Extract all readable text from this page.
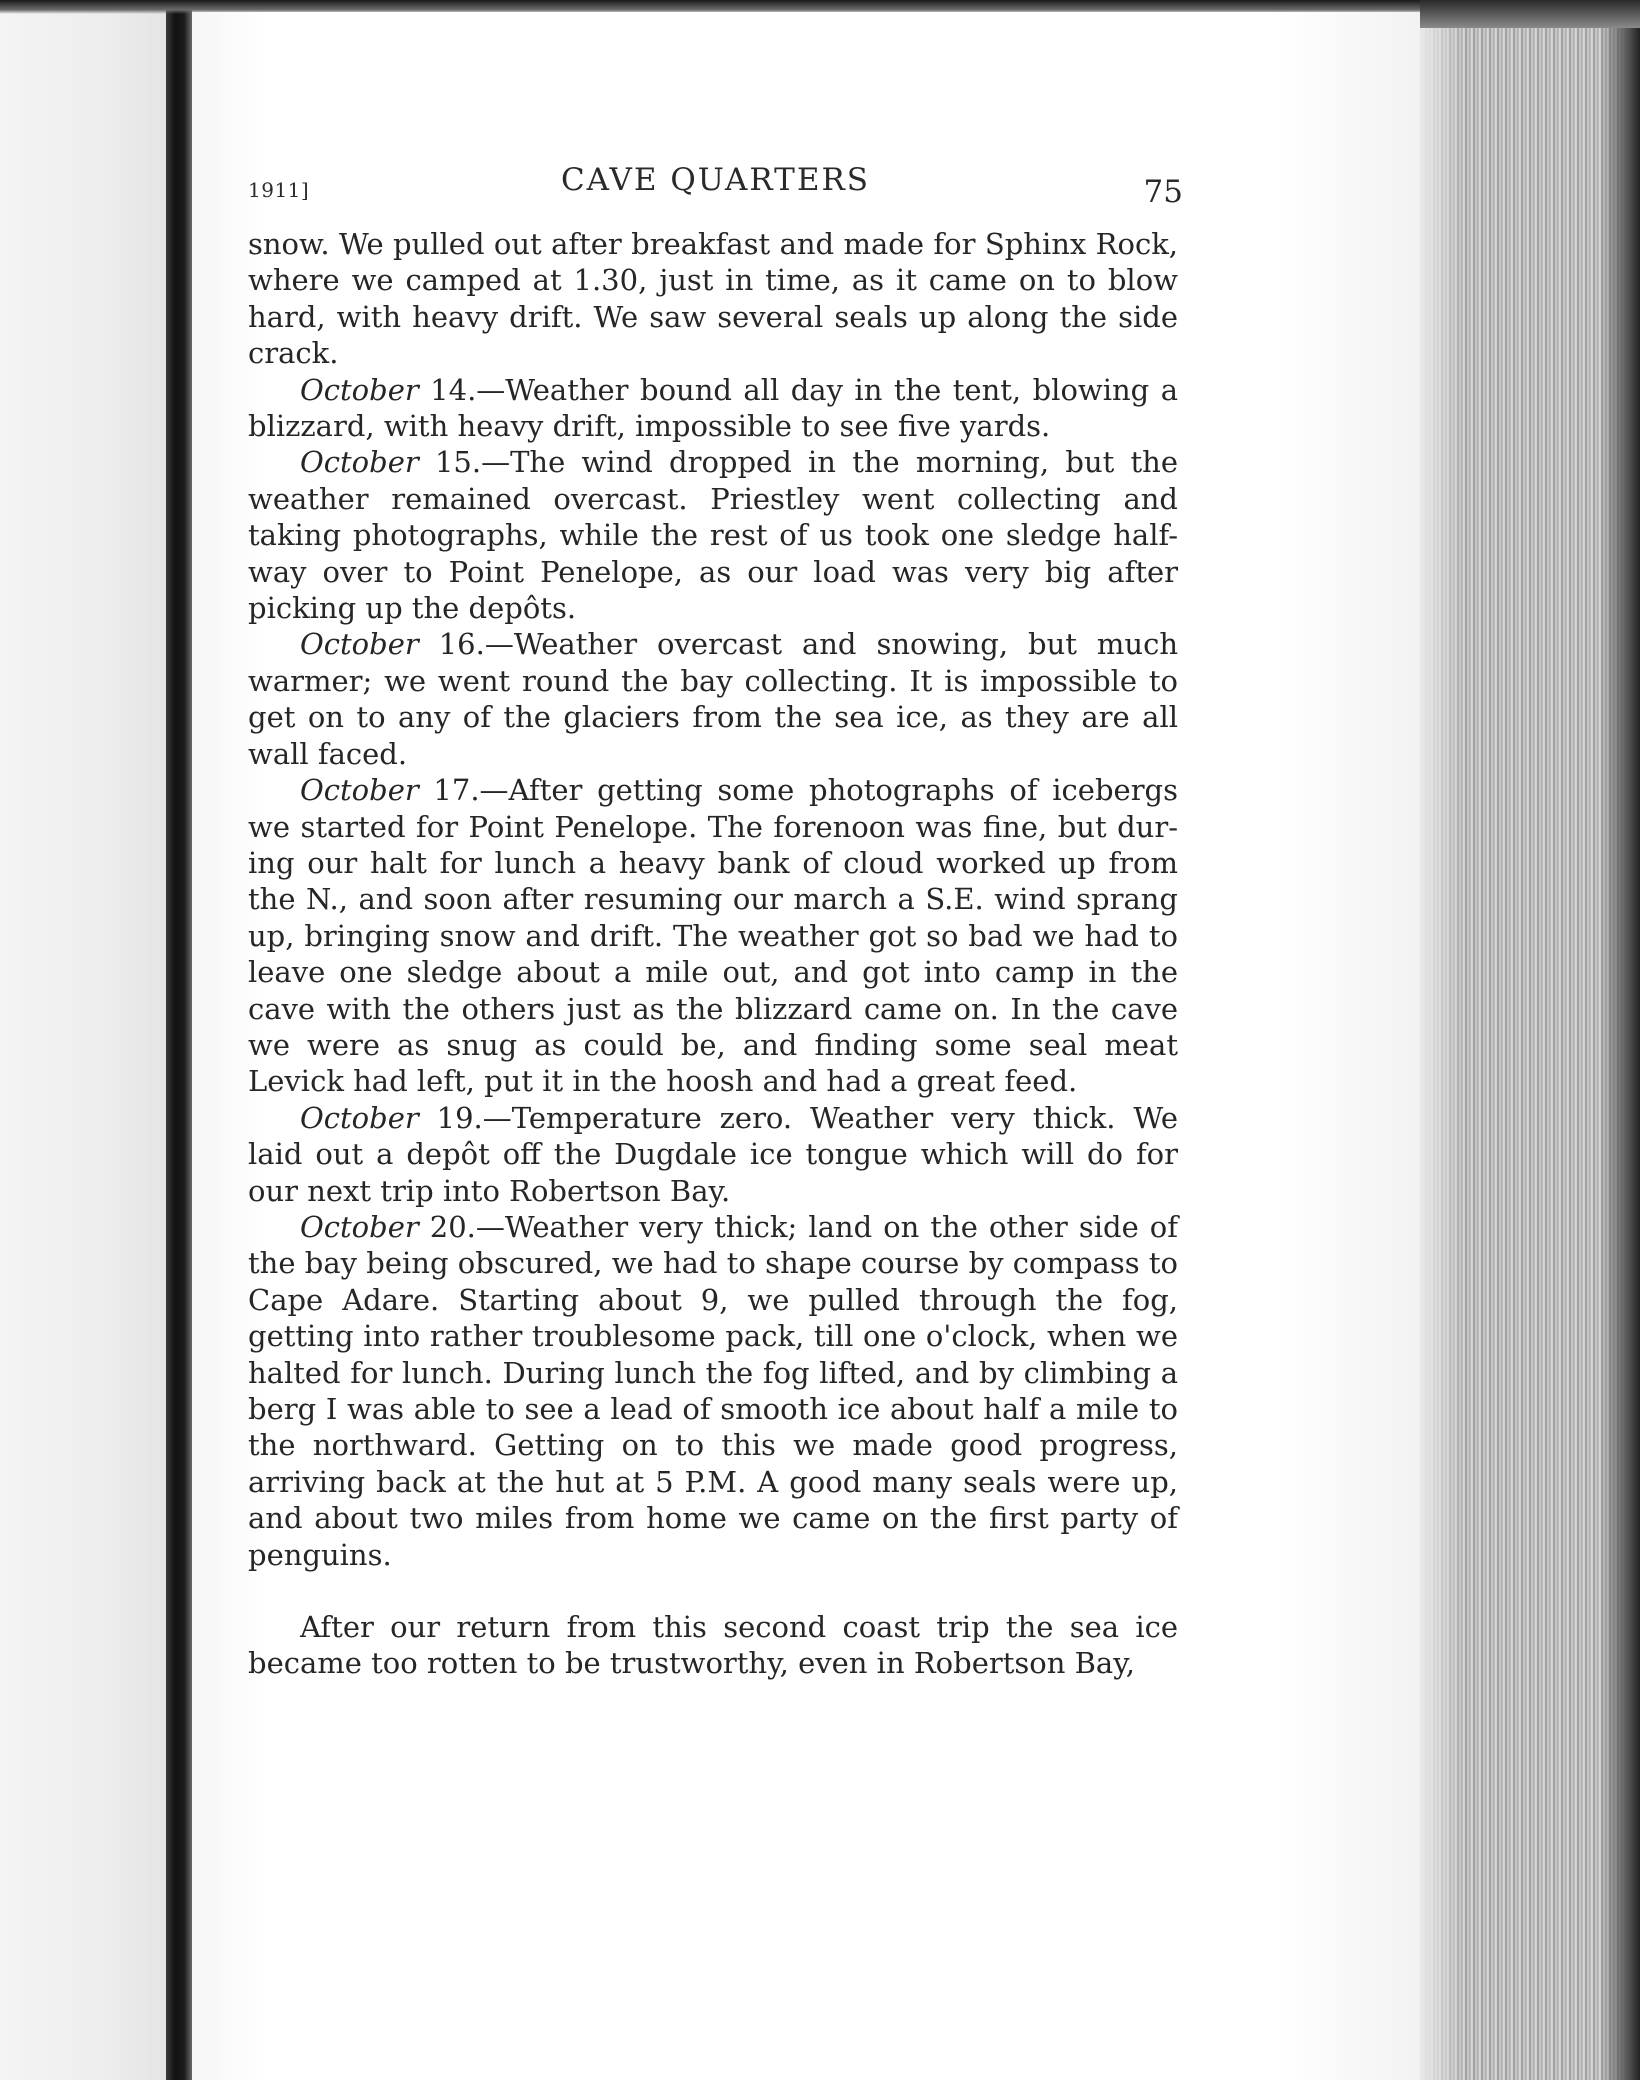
1911]	CAVE QUARTERS	75

snow. We pulled out after breakfast and made for Sphinx Rock, where we camped at 1.30, just in time, as it came on to blow hard, with heavy drift. We saw several seals up along the side crack.

October 14.—Weather bound all day in the tent, blowing a blizzard, with heavy drift, impossible to see five yards.

October 15.—The wind dropped in the morning, but the weather remained overcast. Priestley went collecting and taking photographs, while the rest of us took one sledge half-way over to Point Penelope, as our load was very big after picking up the depôts.

October 16.—Weather overcast and snowing, but much warmer; we went round the bay collecting. It is impossible to get on to any of the glaciers from the sea ice, as they are all wall faced.

October 17.—After getting some photographs of icebergs we started for Point Penelope. The forenoon was fine, but during our halt for lunch a heavy bank of cloud worked up from the N., and soon after resuming our march a S.E. wind sprang up, bringing snow and drift. The weather got so bad we had to leave one sledge about a mile out, and got into camp in the cave with the others just as the blizzard came on. In the cave we were as snug as could be, and finding some seal meat Levick had left, put it in the hoosh and had a great feed.

October 19.—Temperature zero. Weather very thick. We laid out a depôt off the Dugdale ice tongue which will do for our next trip into Robertson Bay.

October 20.—Weather very thick; land on the other side of the bay being obscured, we had to shape course by compass to Cape Adare. Starting about 9, we pulled through the fog, getting into rather troublesome pack, till one o'clock, when we halted for lunch. During lunch the fog lifted, and by climbing a berg I was able to see a lead of smooth ice about half a mile to the northward. Getting on to this we made good progress, arriving back at the hut at 5 P.M. A good many seals were up, and about two miles from home we came on the first party of penguins.

After our return from this second coast trip the sea ice became too rotten to be trustworthy, even in Robertson Bay,
